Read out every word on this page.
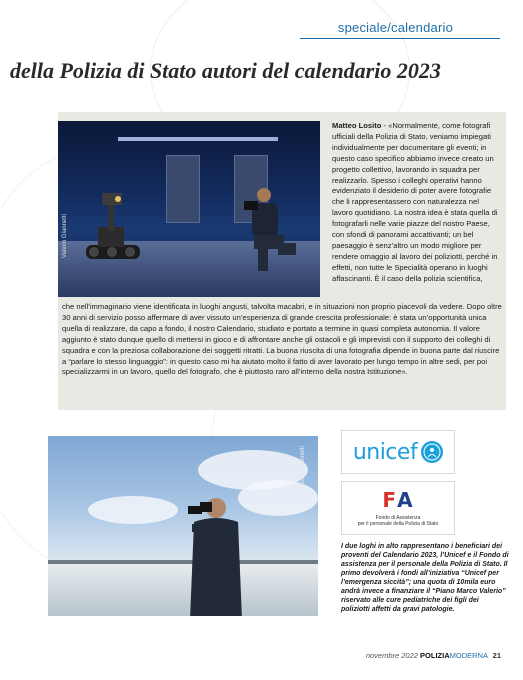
speciale/calendario
della Polizia di Stato autori del calendario 2023
Valerio Giannetti

Matteo Losito - «Normalmente, come fotografi ufficiali della Polizia di Stato, veniamo impiegati individualmente per documentare gli eventi; in questo caso specifico abbiamo invece creato un progetto collettivo, lavorando in squadra per realizzarlo. Spesso i colleghi operativi hanno evidenziato il desiderio di poter avere fotografie che li rappresentassero con naturalezza nel lavoro quotidiano. La nostra idea è stata quella di fotografarli nelle varie piazze del nostro Paese, con sfondi di panorami accattivanti; un bel paesaggio è senz’altro un modo migliore per rendere omaggio al lavoro dei poliziotti, perché in effetti, non tutte le Specialità operano in luoghi affascinanti. È il caso della polizia scientifica,

che nell’immaginario viene identificata in luoghi angusti, talvolta macabri, e in situazioni non proprio piacevoli da vedere. Dopo oltre 30 anni di servizio posso affermare di aver vissuto un’esperienza di grande crescita professionale: è stata un’opportunità unica quella di realizzare, da capo a fondo, il nostro Calendario, studiato e portato a termine in quasi completa autonomia. Il valore aggiunto è stato dunque quello di mettersi in gioco e di affrontare anche gli ostacoli e gli imprevisti con il supporto dei colleghi di squadra e con la preziosa collaborazione dei soggetti ritratti. La buona riuscita di una fotografia dipende in buona parte dal riuscire a “parlare lo stesso linguaggio”: in questo caso mi ha aiutato molto il fatto di aver lavorato per lungo tempo in altre sedi, per poi specializzarmi in un lavoro, quello del fotografo, che è piuttosto raro all’interno della nostra Istituzione».

Valerio Giannetti unicef
FA
Fondo di Assistenza
per il personale della Polizia di Stato

I due loghi in alto rappresentano i beneficiari dei proventi del Calendario 2023, l’Unicef e il Fondo di assistenza per il personale della Polizia di Stato. Il primo devolverà i fondi all’iniziativa “Unicef per l’emergenza siccità”; una quota di 10mila euro andrà invece a finanziare il “Piano Marco Valerio” riservato alle cure pediatriche dei figli dei poliziotti affetti da gravi patologie.

novembre 2022 POLIZIAMODERNA 21
